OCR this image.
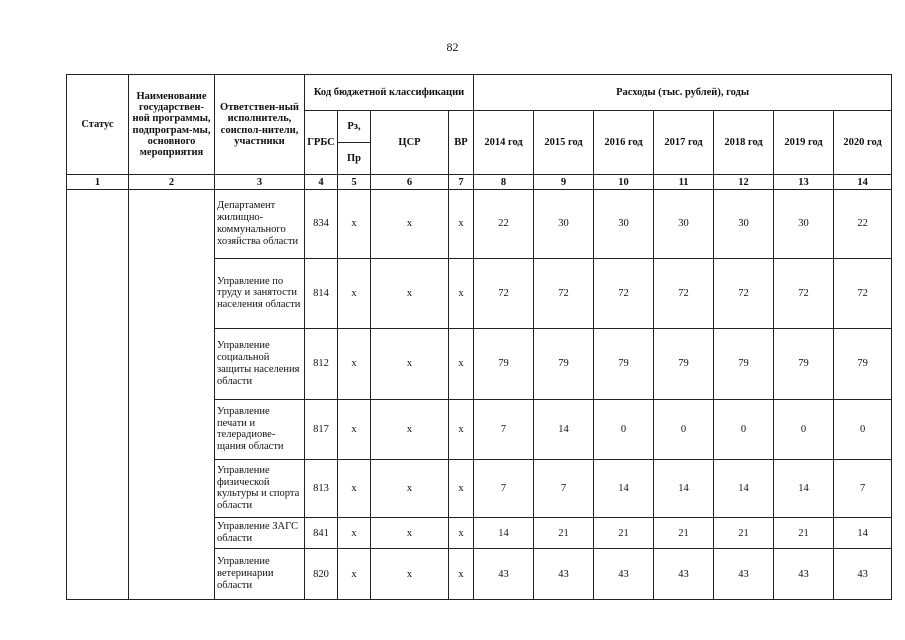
82
Статус	Наименование государствен-ной программы, подпрограм-мы, основного мероприятия	Ответствен-ный исполнитель, соиспол-нители, участники	Код бюджетной классификации				Расходы (тыс. рублей), годы						
			ГРБС	Рз,	ЦСР	ВР	2014 год	2015 год	2016 год	2017 год	2018 год	2019 год	2020 год
				Пр									
1	2	3	4	5	6	7	8	9	10	11	12	13	14
		Департамент жилищно-коммунального хозяйства области	834	х	х	х	22	30	30	30	30	30	22
		Управление по труду и занятости населения области	814	х	х	х	72	72	72	72	72	72	72
		Управление социальной защиты населения области	812	х	х	х	79	79	79	79	79	79	79
		Управление печати и телерадиове-щания области	817	х	х	х	7	14	0	0	0	0	0
		Управление физической культуры и спорта области	813	х	х	х	7	7	14	14	14	14	7
		Управление ЗАГС области	841	х	х	х	14	21	21	21	21	21	14
		Управление ветеринарии области	820	х	х	х	43	43	43	43	43	43	43
